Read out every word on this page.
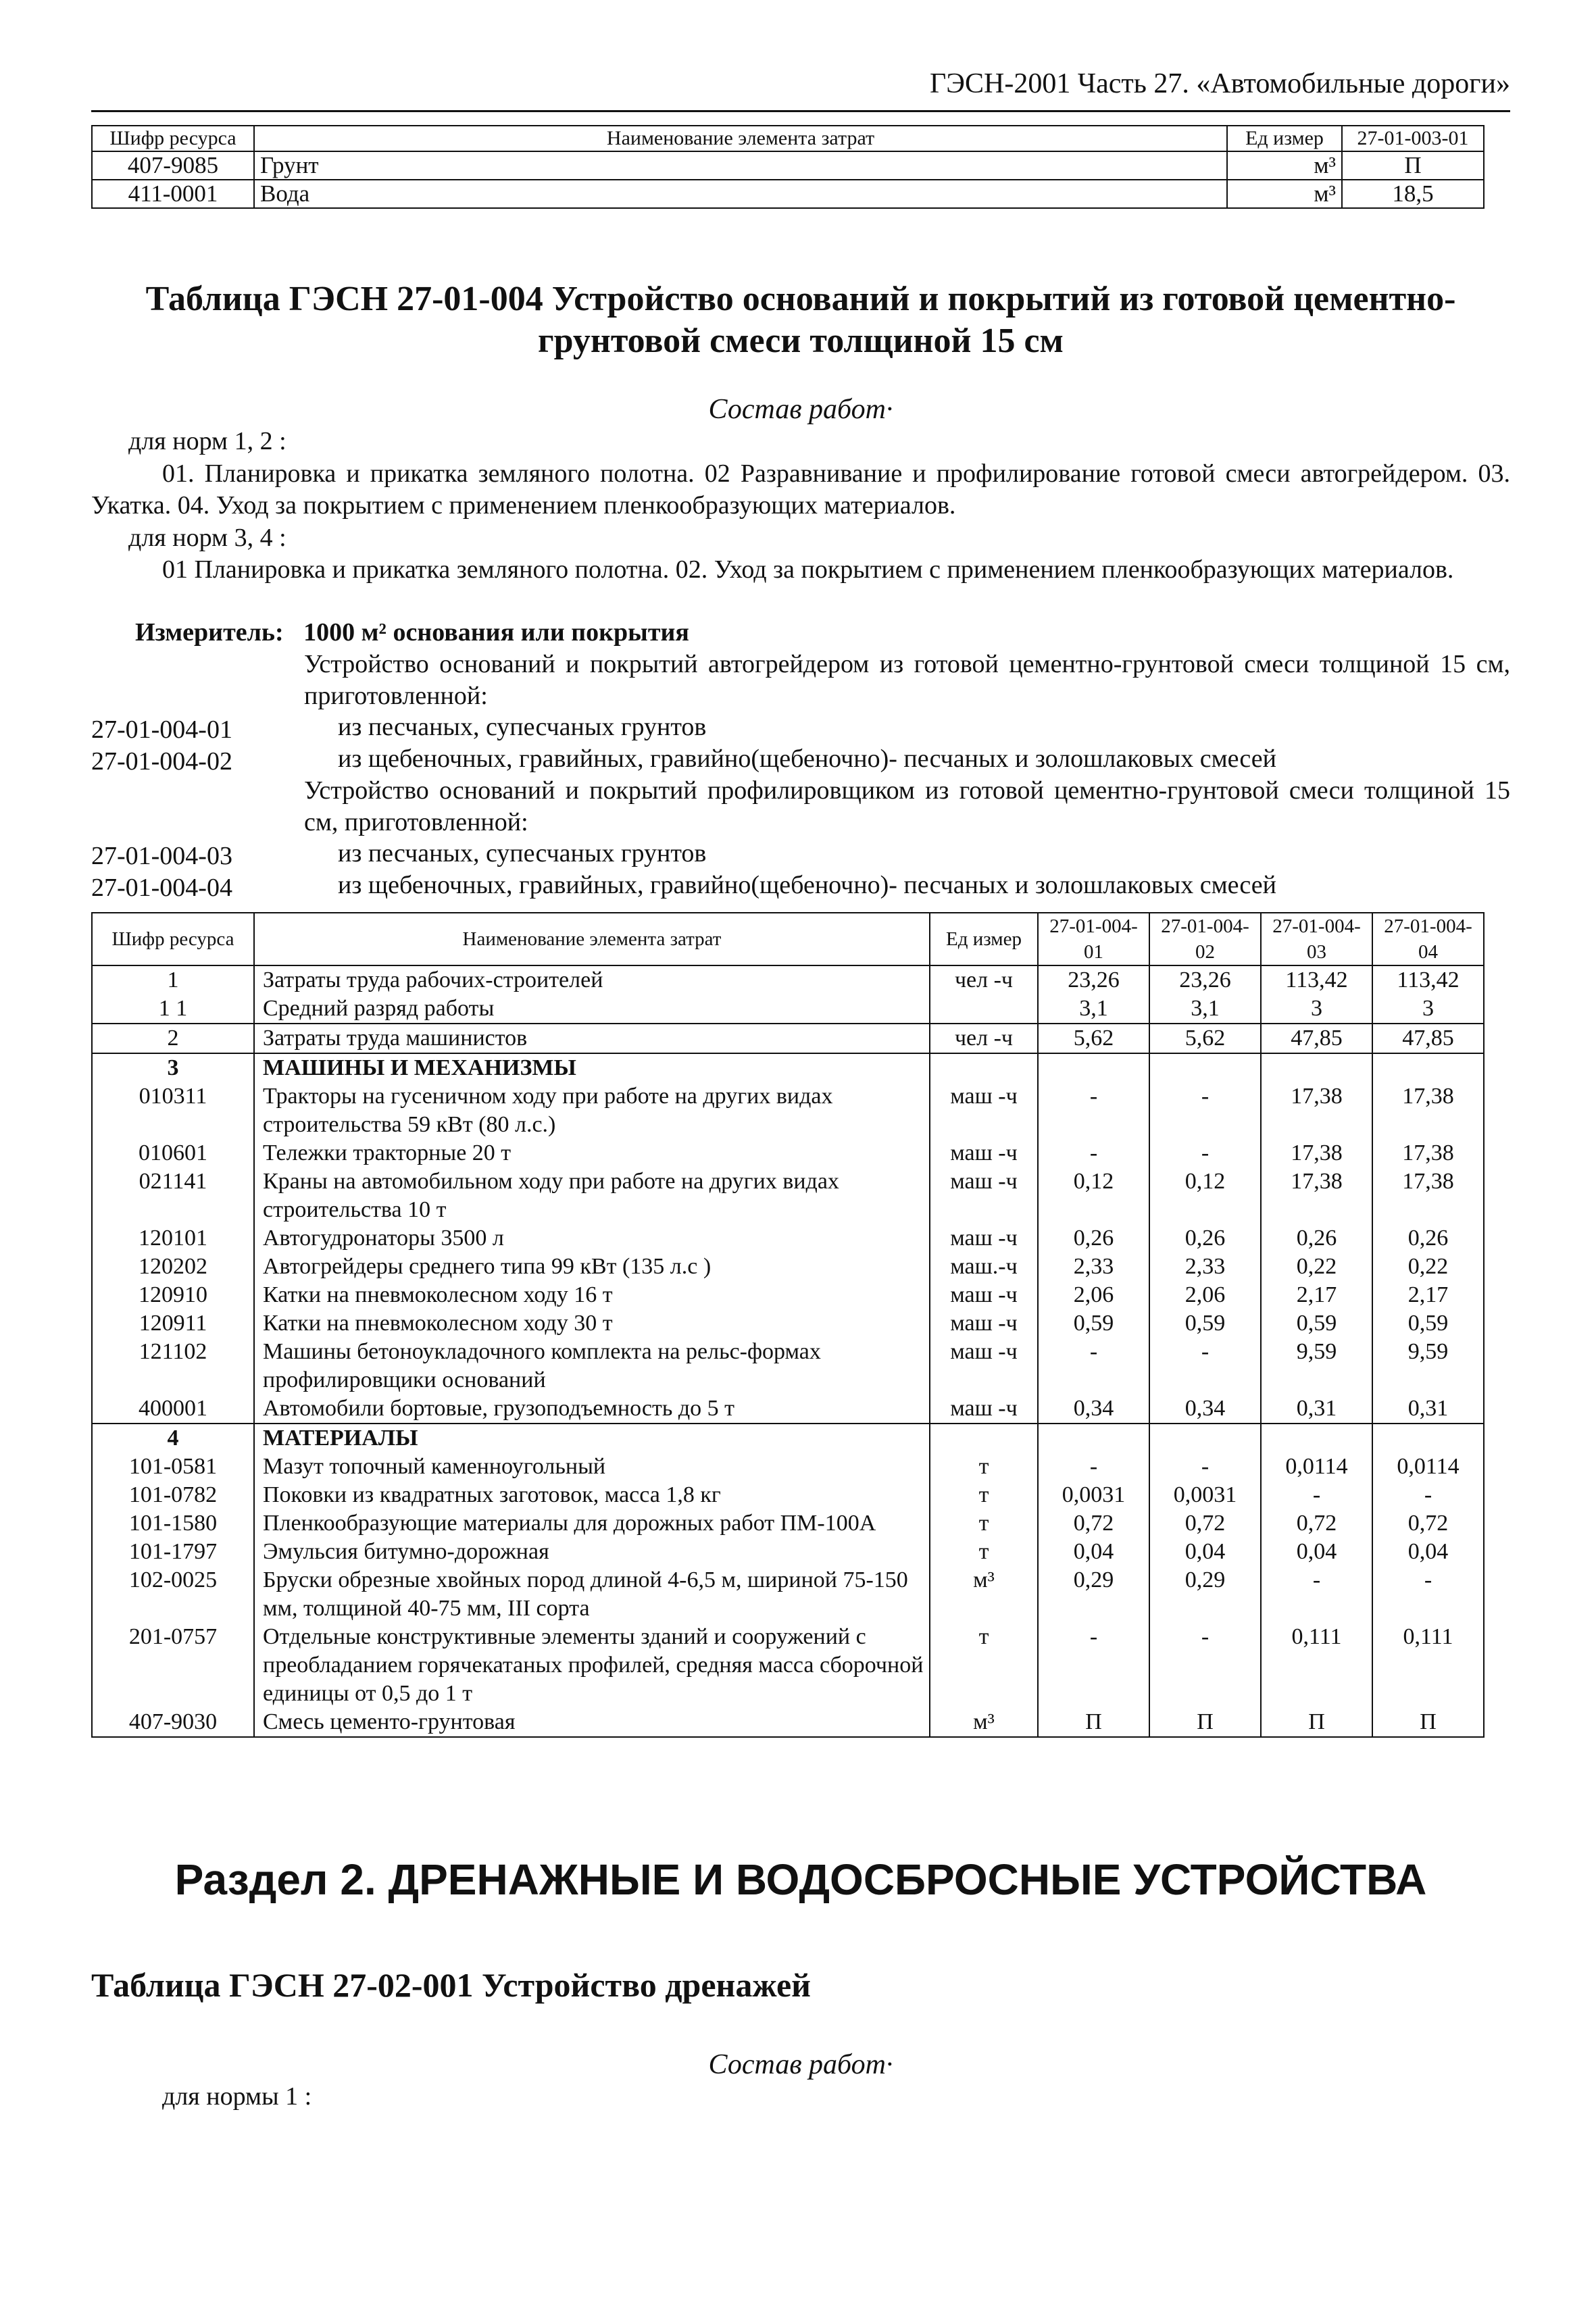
ГЭСН-2001 Часть 27. «Автомобильные дороги»
Шифр ресурса	Наименование элемента затрат	Ед измер	27-01-003-01
407-9085	Грунт	м³	П
411-0001	Вода	м³	18,5
Таблица ГЭСН 27-01-004 Устройство оснований и покрытий из готовой цементно-
грунтовой смеси толщиной 15 см
Состав работ·
для норм 1, 2 :
01. Планировка и прикатка земляного полотна. 02 Разравнивание и профилирование готовой смеси автогрейдером. 03. Укатка. 04. Уход за покрытием с применением пленкообразующих материалов.
для норм 3, 4 :
01 Планировка и прикатка земляного полотна. 02. Уход за покрытием с применением пленкообразующих материалов.
Измеритель: 1000 м² основания или покрытия
Устройство оснований и покрытий автогрейдером из готовой цементно-грунтовой смеси толщиной 15 см, приготовленной:
27-01-004-01	из песчаных, супесчаных грунтов
27-01-004-02	из щебеночных, гравийных, гравийно(щебеночно)- песчаных и золошлаковых смесей
Устройство оснований и покрытий профилировщиком из готовой цементно-грунтовой смеси толщиной 15 см, приготовленной:
27-01-004-03	из песчаных, супесчаных грунтов
27-01-004-04	из щебеночных, гравийных, гравийно(щебеночно)- песчаных и золошлаковых смесей
Шифр ресурса	Наименование элемента затрат	Ед измер	27-01-004-01	27-01-004-02	27-01-004-03	27-01-004-04
1	Затраты труда рабочих-строителей	чел -ч	23,26	23,26	113,42	113,42
1 1	Средний разряд работы		3,1	3,1	3	3
2	Затраты труда машинистов	чел -ч	5,62	5,62	47,85	47,85
3	МАШИНЫ И МЕХАНИЗМЫ					
010311	Тракторы на гусеничном ходу при работе на других видах строительства 59 кВт (80 л.с.)	маш -ч	-	-	17,38	17,38
010601	Тележки тракторные 20 т	маш -ч	-	-	17,38	17,38
021141	Краны на автомобильном ходу при работе на других видах строительства 10 т	маш -ч	0,12	0,12	17,38	17,38
120101	Автогудронаторы 3500 л	маш -ч	0,26	0,26	0,26	0,26
120202	Автогрейдеры среднего типа 99 кВт (135 л.с )	маш.-ч	2,33	2,33	0,22	0,22
120910	Катки на пневмоколесном ходу 16 т	маш -ч	2,06	2,06	2,17	2,17
120911	Катки на пневмоколесном ходу 30 т	маш -ч	0,59	0,59	0,59	0,59
121102	Машины бетоноукладочного комплекта на рельс-формах профилировщики оснований	маш -ч	-	-	9,59	9,59
400001	Автомобили бортовые, грузоподъемность до 5 т	маш -ч	0,34	0,34	0,31	0,31
4	МАТЕРИАЛЫ					
101-0581	Мазут топочный каменноугольный	т	-	-	0,0114	0,0114
101-0782	Поковки из квадратных заготовок, масса 1,8 кг	т	0,0031	0,0031	-	-
101-1580	Пленкообразующие материалы для дорожных работ ПМ-100А	т	0,72	0,72	0,72	0,72
101-1797	Эмульсия битумно-дорожная	т	0,04	0,04	0,04	0,04
102-0025	Бруски обрезные хвойных пород длиной 4-6,5 м, шириной 75-150 мм, толщиной 40-75 мм, III сорта	м³	0,29	0,29	-	-
201-0757	Отдельные конструктивные элементы зданий и сооружений с преобладанием горячекатаных профилей, средняя масса сборочной единицы от 0,5 до 1 т	т	-	-	0,111	0,111
407-9030	Смесь цементо-грунтовая	м³	П	П	П	П
Раздел 2. ДРЕНАЖНЫЕ И ВОДОСБРОСНЫЕ УСТРОЙСТВА
Таблица ГЭСН 27-02-001 Устройство дренажей
Состав работ·
для нормы 1 :
